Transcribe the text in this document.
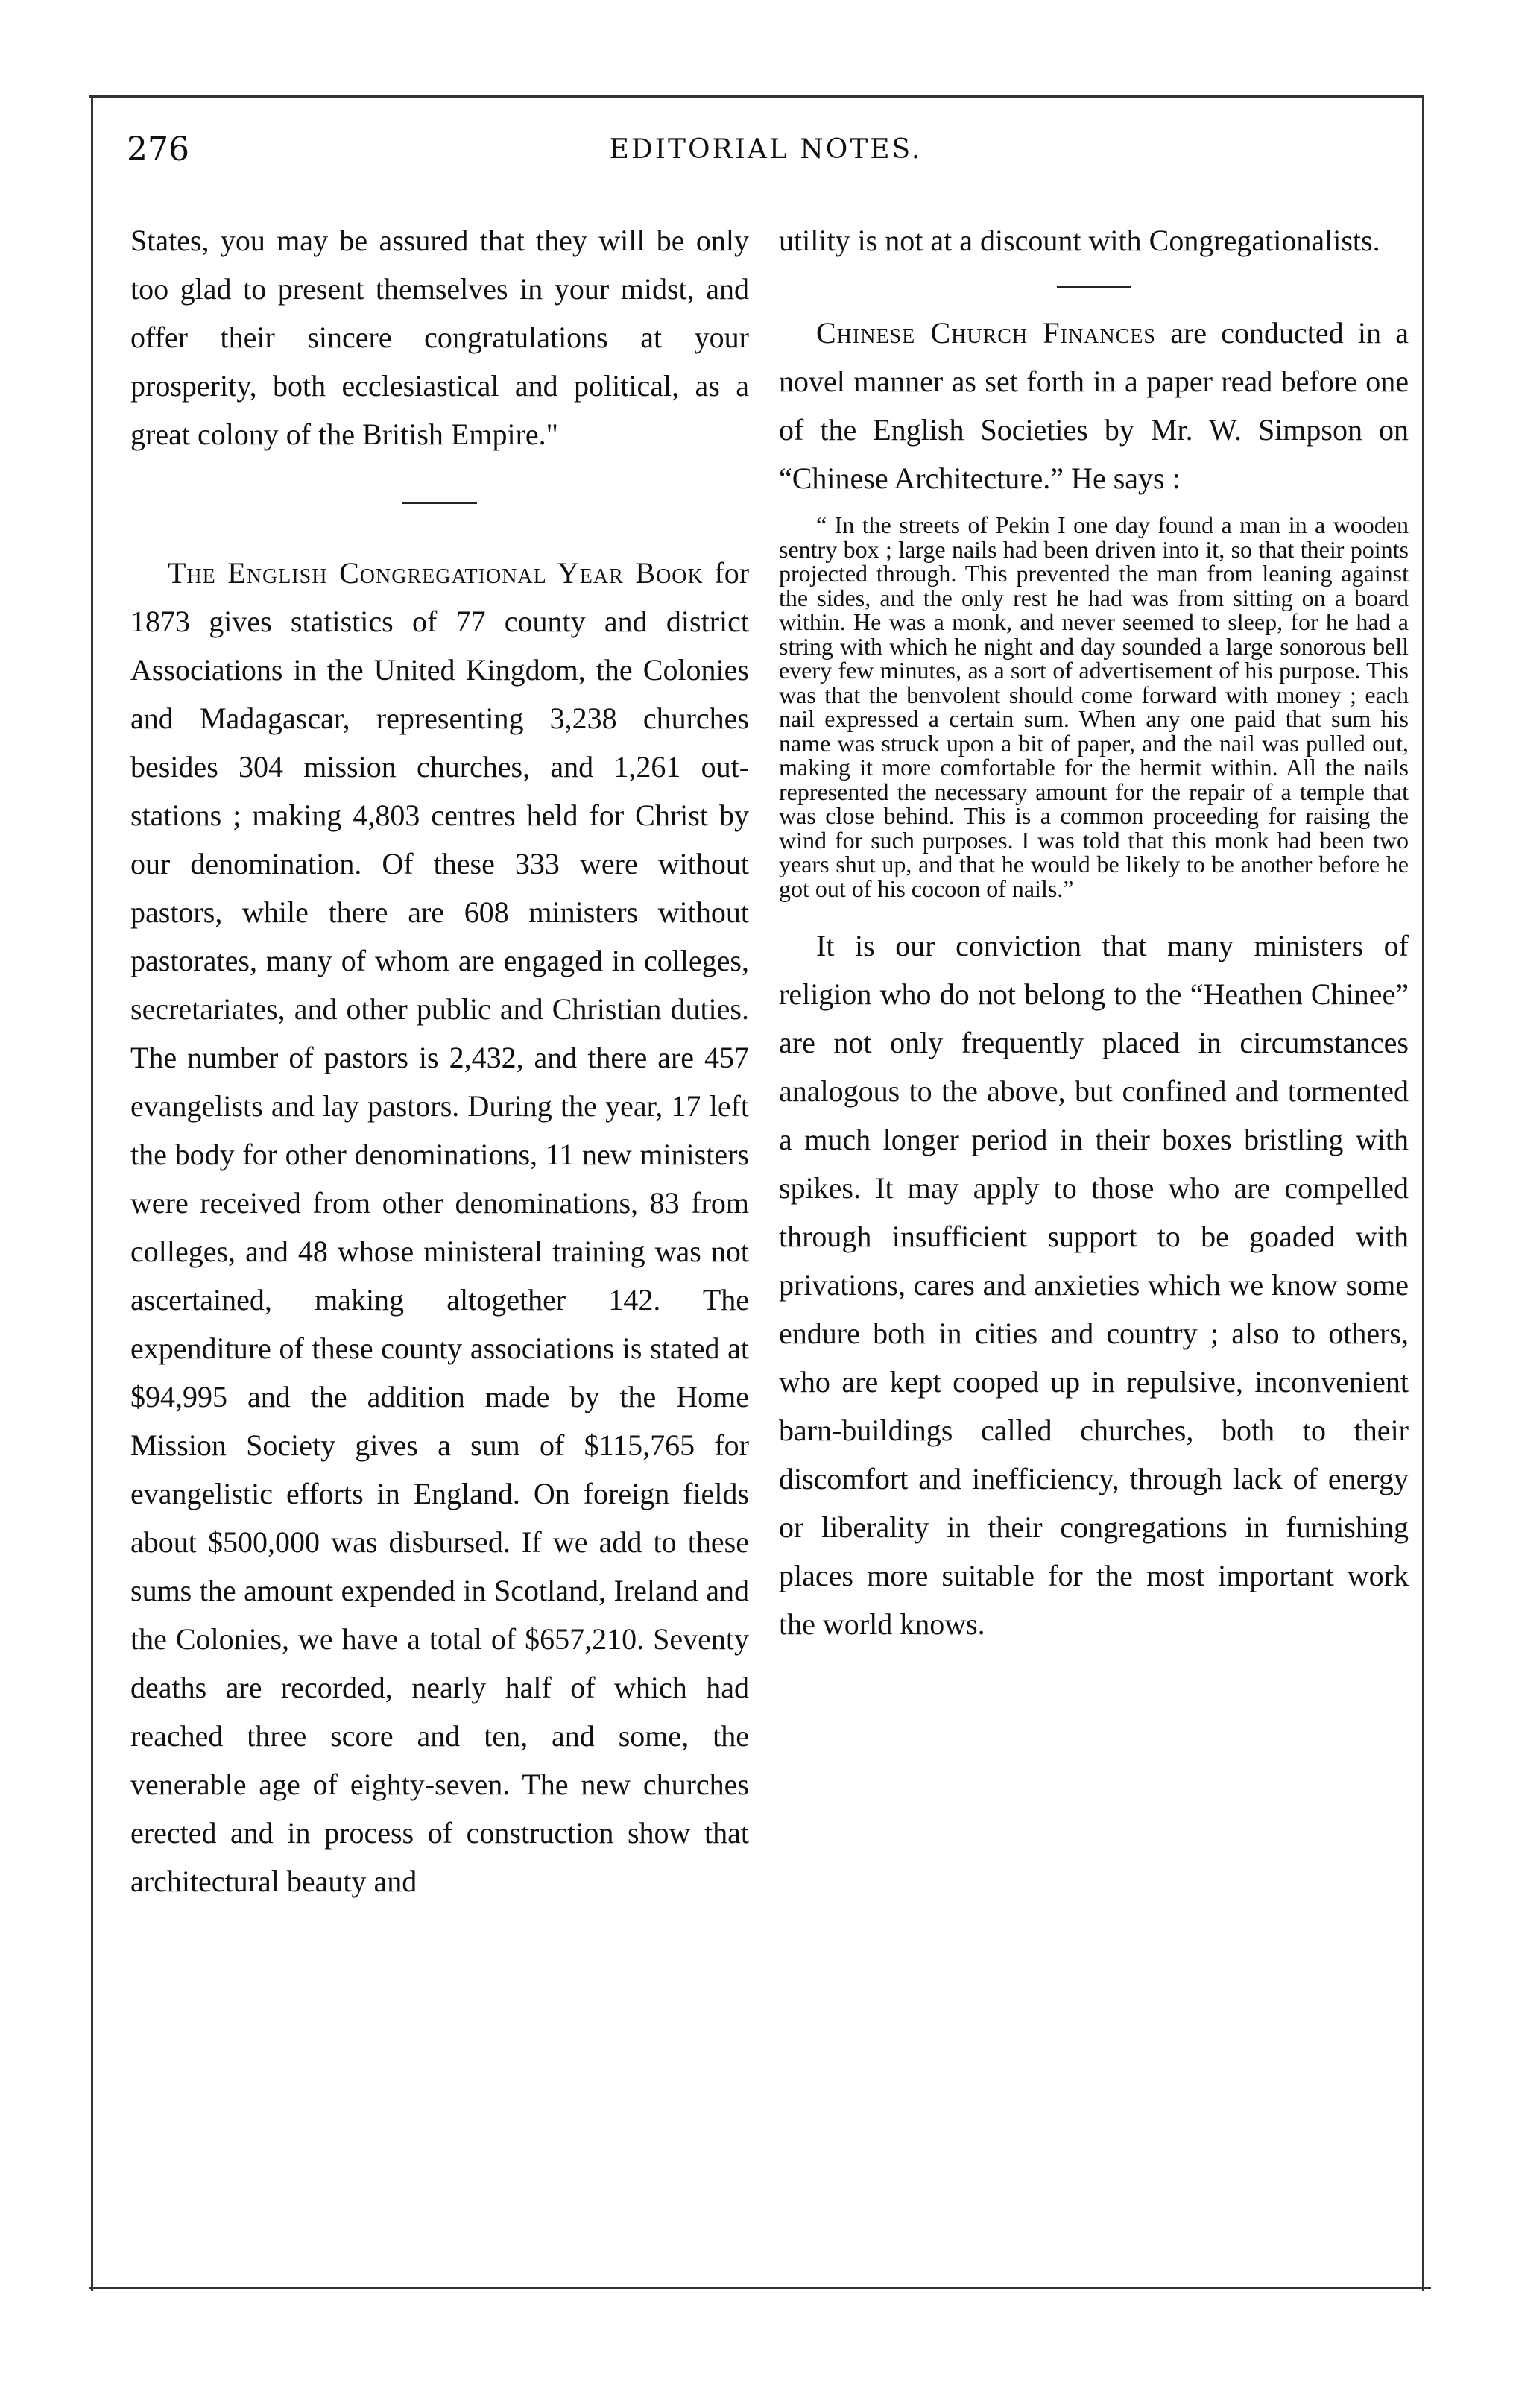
276	EDITORIAL NOTES.

States, you may be assured that they will be only too glad to present themselves in your midst, and offer their sincere congratulations at your prosperity, both ecclesiastical and political, as a great colony of the British Empire."

The English Congregational Year Book for 1873 gives statistics of 77 county and district Associations in the United Kingdom, the Colonies and Madagascar, representing 3,238 churches besides 304 mission churches, and 1,261 out-stations ; making 4,803 centres held for Christ by our denomination. Of these 333 were without pastors, while there are 608 ministers without pastorates, many of whom are engaged in colleges, secretariates, and other public and Christian duties. The number of pastors is 2,432, and there are 457 evangelists and lay pastors. During the year, 17 left the body for other denominations, 11 new ministers were received from other denominations, 83 from colleges, and 48 whose ministeral training was not ascertained, making altogether 142. The expenditure of these county associations is stated at $94,995 and the addition made by the Home Mission Society gives a sum of $115,765 for evangelistic efforts in England. On foreign fields about $500,000 was disbursed. If we add to these sums the amount expended in Scotland, Ireland and the Colonies, we have a total of $657,210. Seventy deaths are recorded, nearly half of which had reached three score and ten, and some, the venerable age of eighty-seven. The new churches erected and in process of construction show that architectural beauty and

utility is not at a discount with Congregationalists.

Chinese Church Finances are conducted in a novel manner as set forth in a paper read before one of the English Societies by Mr. W. Simpson on “Chinese Architecture.” He says :

“ In the streets of Pekin I one day found a man in a wooden sentry box ; large nails had been driven into it, so that their points projected through. This prevented the man from leaning against the sides, and the only rest he had was from sitting on a board within. He was a monk, and never seemed to sleep, for he had a string with which he night and day sounded a large sonorous bell every few minutes, as a sort of advertisement of his purpose. This was that the benvolent should come forward with money ; each nail expressed a certain sum. When any one paid that sum his name was struck upon a bit of paper, and the nail was pulled out, making it more comfortable for the hermit within. All the nails represented the necessary amount for the repair of a temple that was close behind. This is a common proceeding for raising the wind for such purposes. I was told that this monk had been two years shut up, and that he would be likely to be another before he got out of his cocoon of nails.”

It is our conviction that many ministers of religion who do not belong to the “Heathen Chinee” are not only frequently placed in circumstances analogous to the above, but confined and tormented a much longer period in their boxes bristling with spikes. It may apply to those who are compelled through insufficient support to be goaded with privations, cares and anxieties which we know some endure both in cities and country ; also to others, who are kept cooped up in repulsive, inconvenient barn-buildings called churches, both to their discomfort and inefficiency, through lack of energy or liberality in their congregations in furnishing places more suitable for the most important work the world knows.
